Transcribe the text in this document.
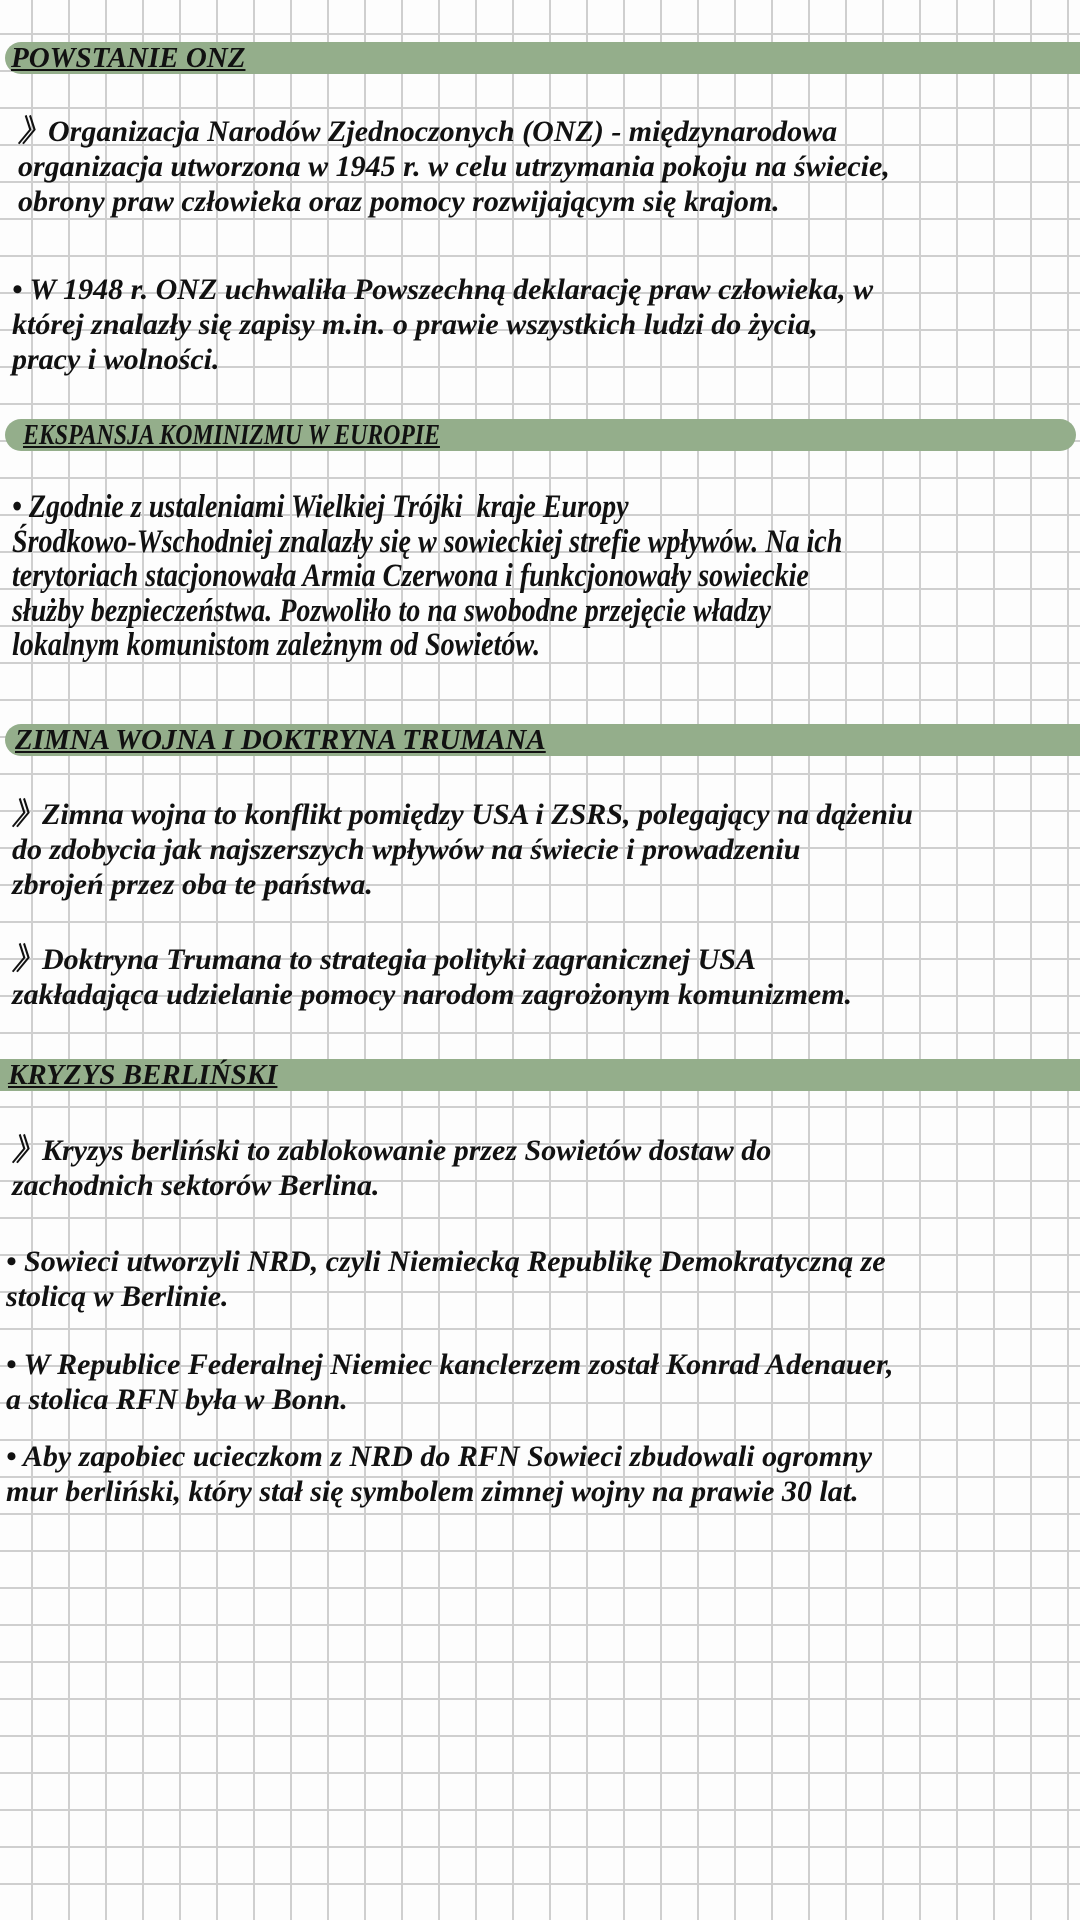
POWSTANIE ONZ
》Organizacja Narodów Zjednoczonych (ONZ) - międzynarodowa
organizacja utworzona w 1945 r. w celu utrzymania pokoju na świecie,
obrony praw człowieka oraz pomocy rozwijającym się krajom.
• W 1948 r. ONZ uchwaliła Powszechną deklarację praw człowieka, w
której znalazły się zapisy m.in. o prawie wszystkich ludzi do życia,
pracy i wolności.
EKSPANSJA KOMINIZMU W EUROPIE
• Zgodnie z ustaleniami Wielkiej Trójki  kraje Europy
Środkowo-Wschodniej znalazły się w sowieckiej strefie wpływów. Na ich
terytoriach stacjonowała Armia Czerwona i funkcjonowały sowieckie
służby bezpieczeństwa. Pozwoliło to na swobodne przejęcie władzy
lokalnym komunistom zależnym od Sowietów.
ZIMNA WOJNA I DOKTRYNA TRUMANA
》Zimna wojna to konflikt pomiędzy USA i ZSRS, polegający na dążeniu
do zdobycia jak najszerszych wpływów na świecie i prowadzeniu
zbrojeń przez oba te państwa.
》Doktryna Trumana to strategia polityki zagranicznej USA
zakładająca udzielanie pomocy narodom zagrożonym komunizmem.
KRYZYS BERLIŃSKI
》Kryzys berliński to zablokowanie przez Sowietów dostaw do
zachodnich sektorów Berlina.
• Sowieci utworzyli NRD, czyli Niemiecką Republikę Demokratyczną ze
stolicą w Berlinie.
• W Republice Federalnej Niemiec kanclerzem został Konrad Adenauer,
a stolica RFN była w Bonn.
• Aby zapobiec ucieczkom z NRD do RFN Sowieci zbudowali ogromny
mur berliński, który stał się symbolem zimnej wojny na prawie 30 lat.
